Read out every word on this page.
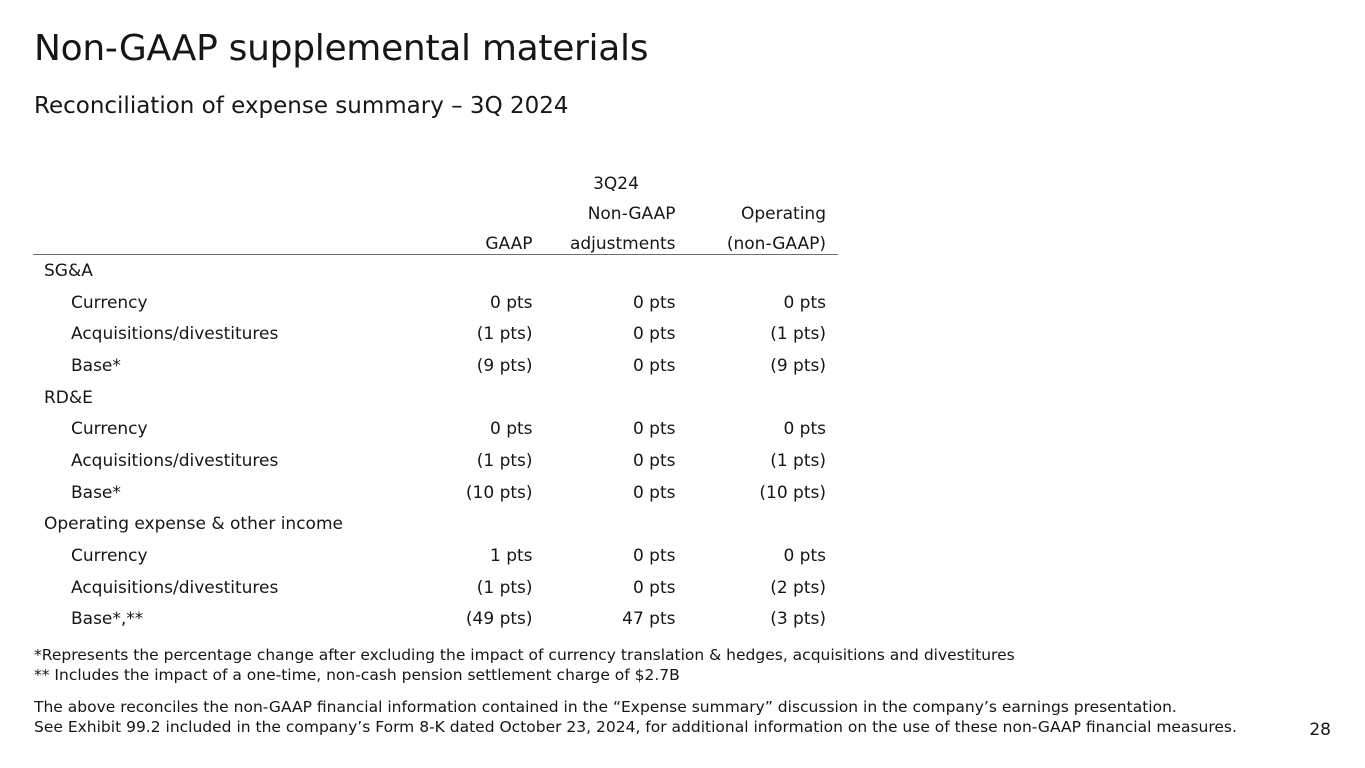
Non-GAAP supplemental materials
Reconciliation of expense summary – 3Q 2024
		3Q24	
		Non-GAAP	Operating
	GAAP	adjustments	(non-GAAP)
SG&A			
Currency	0 pts	0 pts	0 pts
Acquisitions/divestitures	(1 pts)	0 pts	(1 pts)
Base*	(9 pts)	0 pts	(9 pts)
RD&E			
Currency	0 pts	0 pts	0 pts
Acquisitions/divestitures	(1 pts)	0 pts	(1 pts)
Base*	(10 pts)	0 pts	(10 pts)
Operating expense & other income			
Currency	1 pts	0 pts	0 pts
Acquisitions/divestitures	(1 pts)	0 pts	(2 pts)
Base*,**	(49 pts)	47 pts	(3 pts)

*Represents the percentage change after excluding the impact of currency translation & hedges, acquisitions and divestitures

** Includes the impact of a one-time, non-cash pension settlement charge of $2.7B

The above reconciles the non-GAAP financial information contained in the “Expense summary” discussion in the company’s earnings presentation.

See Exhibit 99.2 included in the company’s Form 8-K dated October 23, 2024, for additional information on the use of these non-GAAP financial measures.	28
